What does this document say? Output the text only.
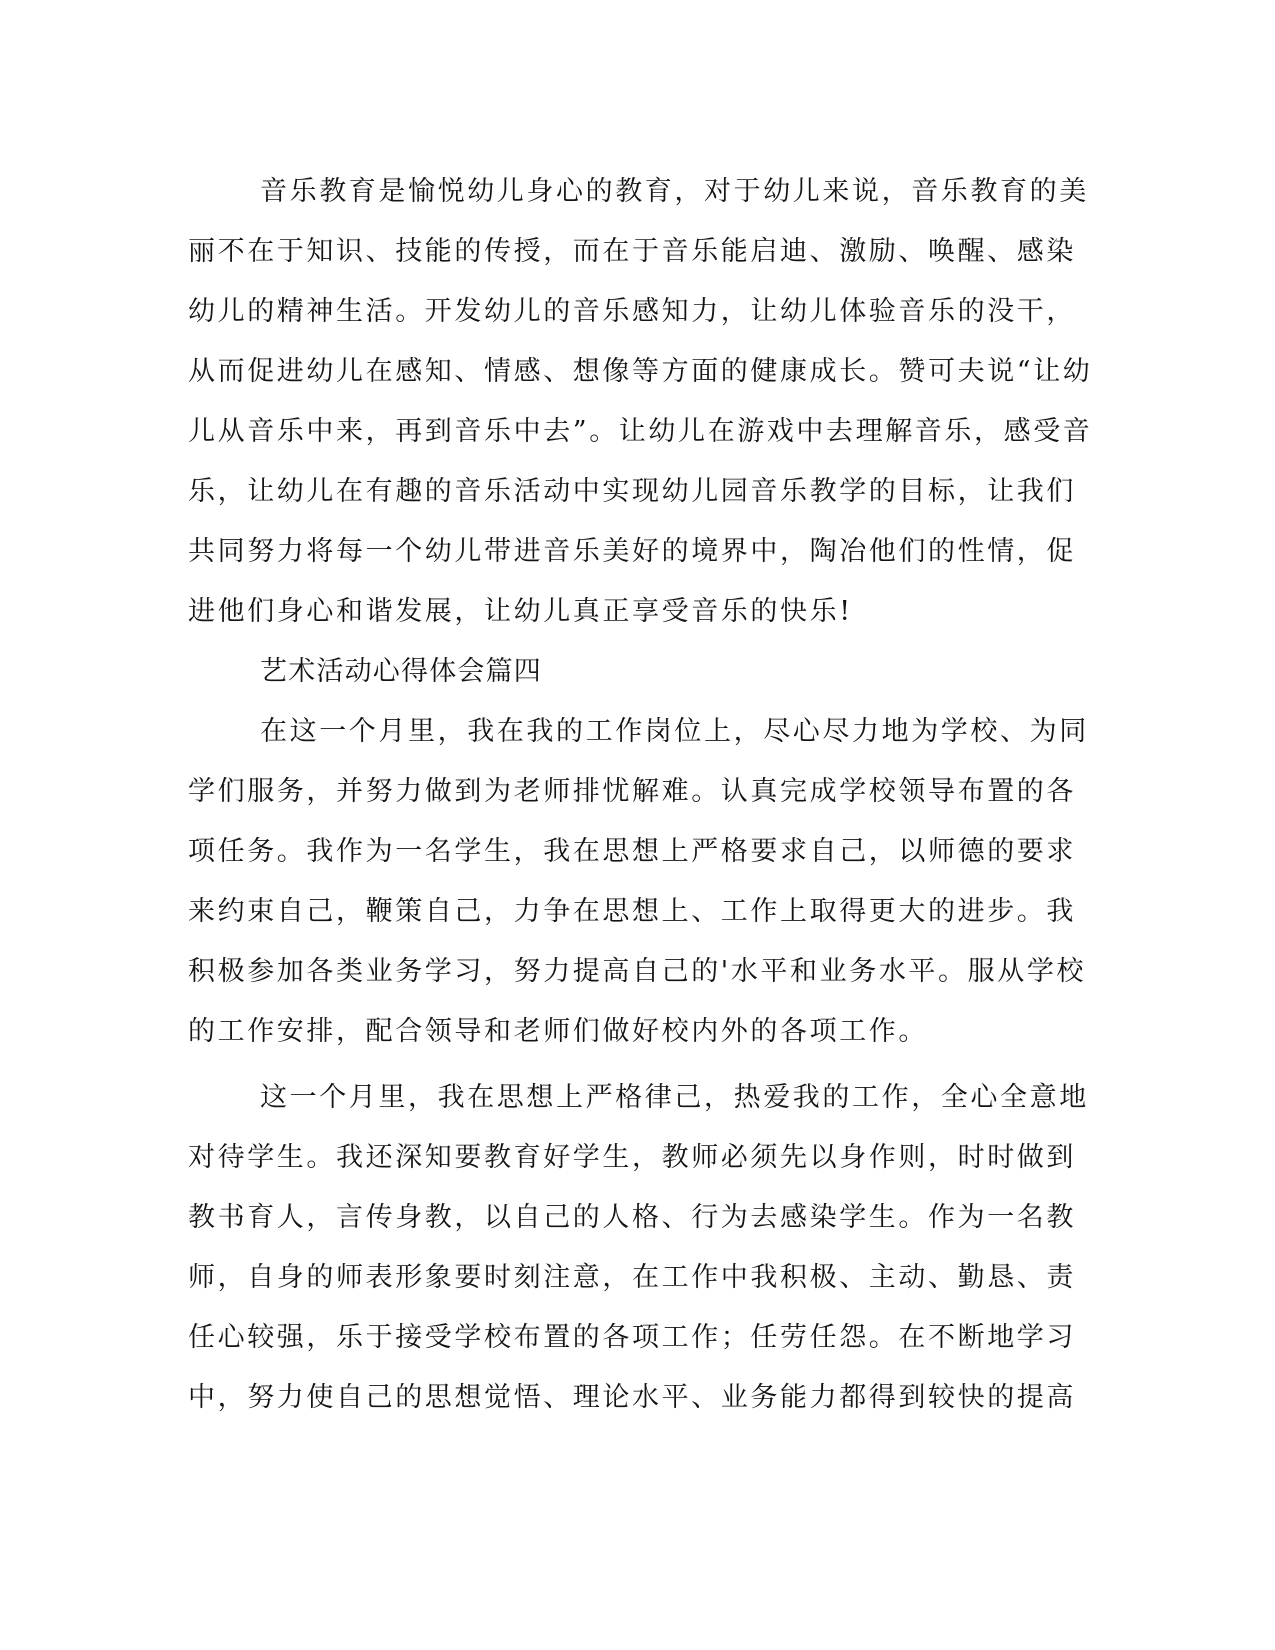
音乐教育是愉悦幼儿身心的教育，对于幼儿来说，音乐教育的美
丽不在于知识、技能的传授，而在于音乐能启迪、激励、唤醒、感染
幼儿的精神生活。开发幼儿的音乐感知力，让幼儿体验音乐的没干，
从而促进幼儿在感知、情感、想像等方面的健康成长。赞可夫说“让幼
儿从音乐中来，再到音乐中去”。让幼儿在游戏中去理解音乐，感受音
乐，让幼儿在有趣的音乐活动中实现幼儿园音乐教学的目标，让我们
共同努力将每一个幼儿带进音乐美好的境界中，陶冶他们的性情，促
进他们身心和谐发展，让幼儿真正享受音乐的快乐!
艺术活动心得体会篇四
在这一个月里，我在我的工作岗位上，尽心尽力地为学校、为同
学们服务，并努力做到为老师排忧解难。认真完成学校领导布置的各
项任务。我作为一名学生，我在思想上严格要求自己，以师德的要求
来约束自己，鞭策自己，力争在思想上、工作上取得更大的进步。我
积极参加各类业务学习，努力提高自己的'水平和业务水平。服从学校
的工作安排，配合领导和老师们做好校内外的各项工作。
这一个月里，我在思想上严格律己，热爱我的工作，全心全意地
对待学生。我还深知要教育好学生，教师必须先以身作则，时时做到
教书育人，言传身教，以自己的人格、行为去感染学生。作为一名教
师，自身的师表形象要时刻注意，在工作中我积极、主动、勤恳、责
任心较强，乐于接受学校布置的各项工作；任劳任怨。在不断地学习
中，努力使自己的思想觉悟、理论水平、业务能力都得到较快的提高
